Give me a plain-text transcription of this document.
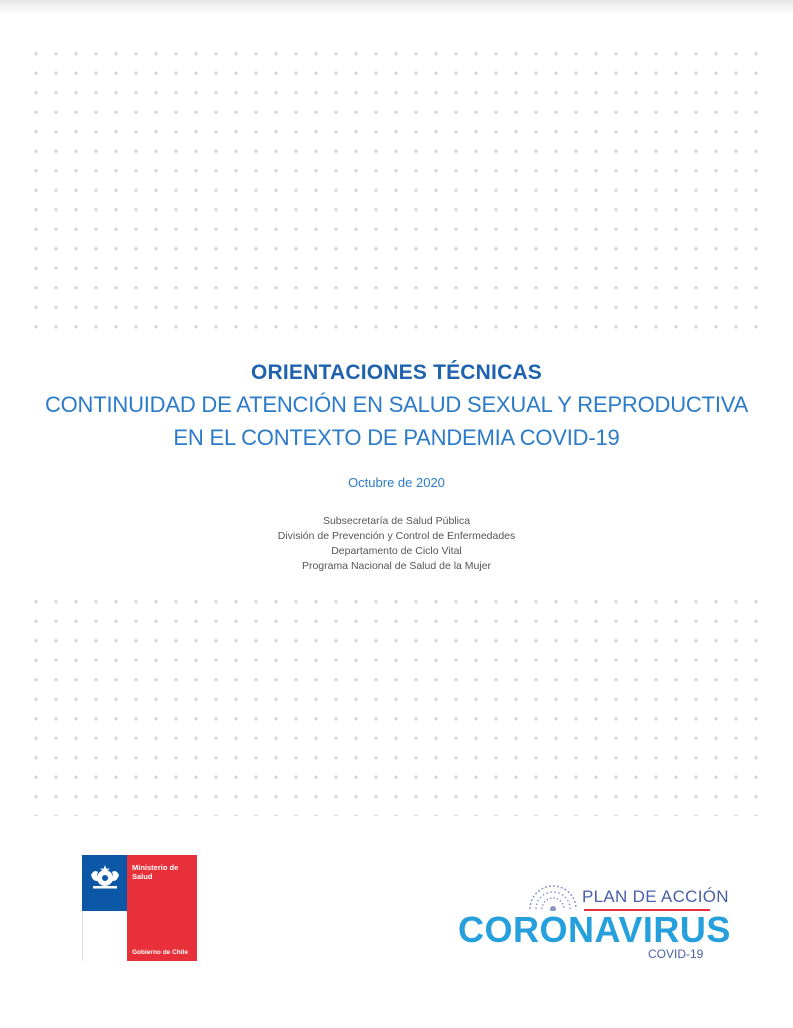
ORIENTACIONES TÉCNICAS
CONTINUIDAD DE ATENCIÓN EN SALUD SEXUAL Y REPRODUCTIVA
EN EL CONTEXTO DE PANDEMIA COVID-19
Octubre de 2020
Subsecretaría de Salud Pública
División de Prevención y Control de Enfermedades
Departamento de Ciclo Vital
Programa Nacional de Salud de la Mujer
Ministerio de Salud
Gobierno de Chile
PLAN DE ACCIÓN
CORONAVIRUS
COVID-19
